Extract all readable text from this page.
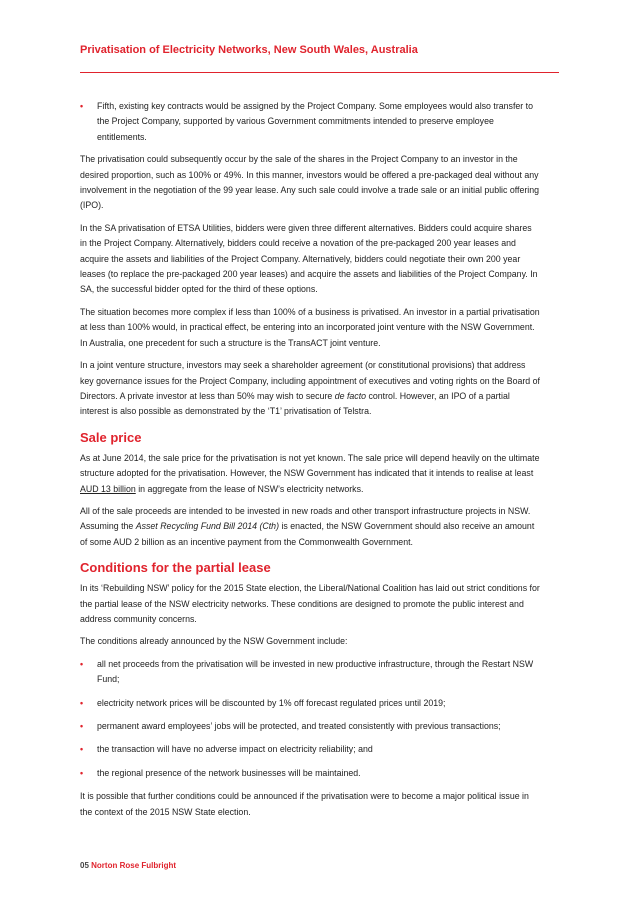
Privatisation of Electricity Networks, New South Wales, Australia
• Fifth, existing key contracts would be assigned by the Project Company. Some employees would also transfer to the Project Company, supported by various Government commitments intended to preserve employee entitlements.

The privatisation could subsequently occur by the sale of the shares in the Project Company to an investor in the desired proportion, such as 100% or 49%. In this manner, investors would be offered a pre-packaged deal without any involvement in the negotiation of the 99 year lease. Any such sale could involve a trade sale or an initial public offering (IPO).

In the SA privatisation of ETSA Utilities, bidders were given three different alternatives. Bidders could acquire shares in the Project Company. Alternatively, bidders could receive a novation of the pre-packaged 200 year leases and acquire the assets and liabilities of the Project Company. Alternatively, bidders could negotiate their own 200 year leases (to replace the pre-packaged 200 year leases) and acquire the assets and liabilities of the Project Company. In SA, the successful bidder opted for the third of these options.

The situation becomes more complex if less than 100% of a business is privatised. An investor in a partial privatisation at less than 100% would, in practical effect, be entering into an incorporated joint venture with the NSW Government. In Australia, one precedent for such a structure is the TransACT joint venture.

In a joint venture structure, investors may seek a shareholder agreement (or constitutional provisions) that address key governance issues for the Project Company, including appointment of executives and voting rights on the Board of Directors. A private investor at less than 50% may wish to secure de facto control. However, an IPO of a partial interest is also possible as demonstrated by the ‘T1’ privatisation of Telstra.

Sale price

As at June 2014, the sale price for the privatisation is not yet known. The sale price will depend heavily on the ultimate structure adopted for the privatisation. However, the NSW Government has indicated that it intends to realise at least AUD 13 billion in aggregate from the lease of NSW’s electricity networks.

All of the sale proceeds are intended to be invested in new roads and other transport infrastructure projects in NSW. Assuming the Asset Recycling Fund Bill 2014 (Cth) is enacted, the NSW Government should also receive an amount of some AUD 2 billion as an incentive payment from the Commonwealth Government.

Conditions for the partial lease

In its ‘Rebuilding NSW’ policy for the 2015 State election, the Liberal/National Coalition has laid out strict conditions for the partial lease of the NSW electricity networks. These conditions are designed to promote the public interest and address community concerns.

The conditions already announced by the NSW Government include:

• all net proceeds from the privatisation will be invested in new productive infrastructure, through the Restart NSW Fund;
• electricity network prices will be discounted by 1% off forecast regulated prices until 2019;
• permanent award employees’ jobs will be protected, and treated consistently with previous transactions;
• the transaction will have no adverse impact on electricity reliability; and
• the regional presence of the network businesses will be maintained.

It is possible that further conditions could be announced if the privatisation were to become a major political issue in the context of the 2015 NSW State election.

05 Norton Rose Fulbright
